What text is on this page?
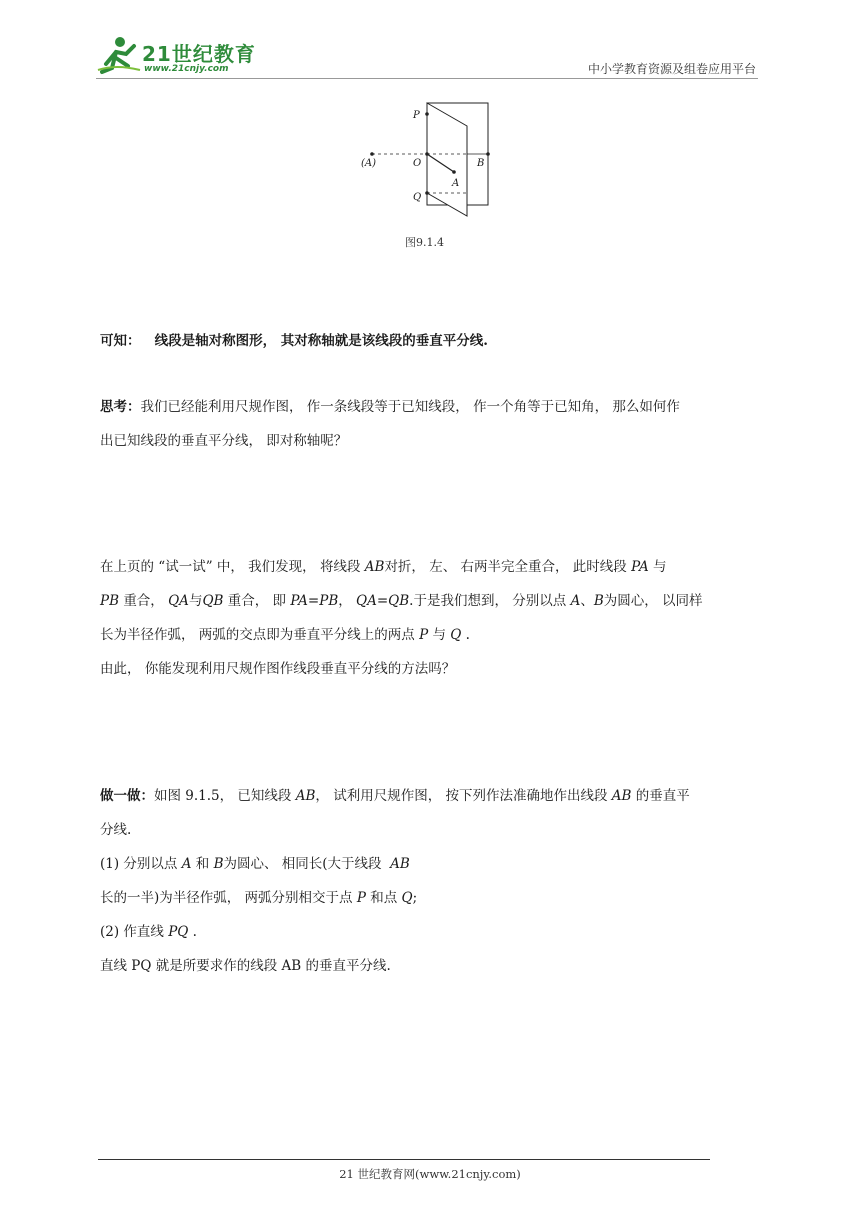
21世纪教育
www.21cnjy.com	中小学教育资源及组卷应用平台
P
O	B
(A)
A
Q
图9.1.4
可知： 线段是轴对称图形， 其对称轴就是该线段的垂直平分线.
思考：我们已经能利用尺规作图， 作一条线段等于已知线段， 作一个角等于已知角， 那么如何作
出已知线段的垂直平分线， 即对称轴呢？
在上页的 “试一试” 中， 我们发现， 将线段 AB对折， 左、 右两半完全重合， 此时线段 PA 与
PB 重合， QA与QB 重合， 即 PA=PB， QA=QB.于是我们想到， 分别以点 A、B为圆心， 以同样
长为半径作弧， 两弧的交点即为垂直平分线上的两点 P 与 Q .
由此， 你能发现利用尺规作图作线段垂直平分线的方法吗？
做一做：如图 9.1.5， 已知线段 AB， 试利用尺规作图， 按下列作法准确地作出线段 AB 的垂直平
分线.
(1) 分别以点 A 和 B为圆心、 相同长(大于线段 AB
长的一半)为半径作弧， 两弧分别相交于点 P 和点 Q;
(2) 作直线 PQ .
直线 PQ 就是所要求作的线段 AB 的垂直平分线.
21 世纪教育网(www.21cnjy.com)
